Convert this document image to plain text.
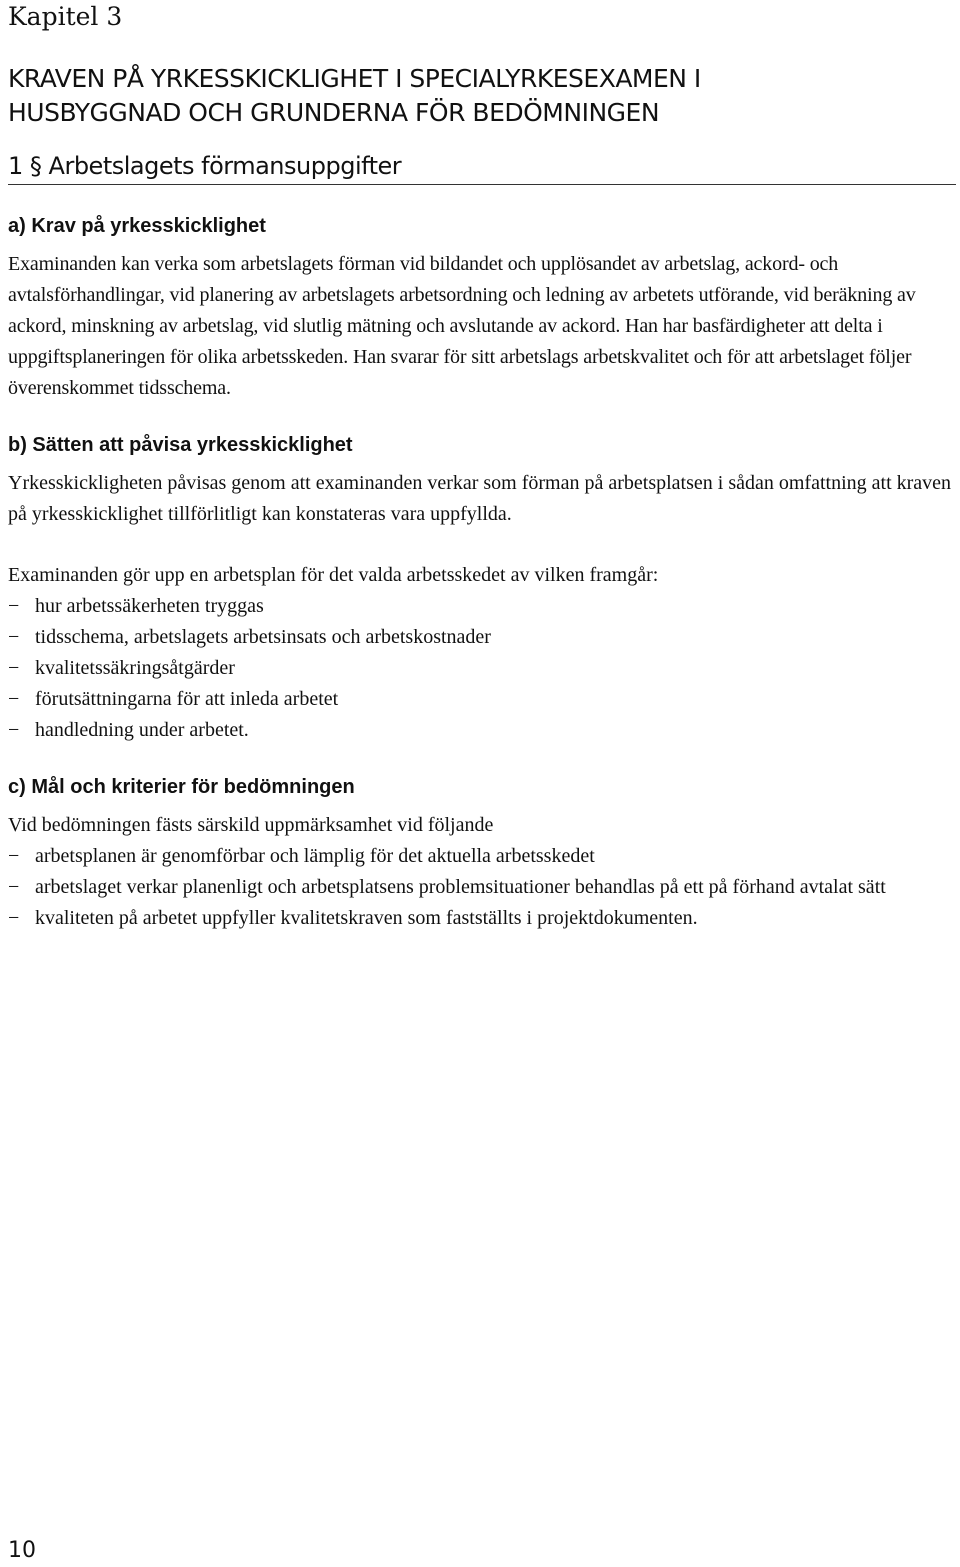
Kapitel 3
KRAVEN PÅ YRKESSKICKLIGHET I SPECIALYRKESEXAMEN I
HUSBYGGNAD OCH GRUNDERNA FÖR BEDÖMNINGEN
1 § Arbetslagets förmansuppgifter
a) Krav på yrkesskicklighet

Examinanden kan verka som arbetslagets förman vid bildandet och upplösandet av arbetslag, ackord- och avtalsförhandlingar, vid planering av arbetslagets arbetsordning och ledning av arbetets utförande, vid beräkning av ackord, minskning av arbetslag, vid slutlig mätning och avslutande av ackord. Han har basfärdigheter att delta i uppgiftsplaneringen för olika arbetsskeden. Han svarar för sitt arbetslags arbetskvalitet och för att arbetslaget följer överenskommet tidsschema.

b) Sätten att påvisa yrkesskicklighet

Yrkesskickligheten påvisas genom att examinanden verkar som förman på arbetsplatsen i sådan omfattning att kraven på yrkesskicklighet tillförlitligt kan konstateras vara uppfyllda.

Examinanden gör upp en arbetsplan för det valda arbetsskedet av vilken framgår:

− hur arbetssäkerheten tryggas
− tidsschema, arbetslagets arbetsinsats och arbetskostnader
− kvalitetssäkringsåtgärder
− förutsättningarna för att inleda arbetet
− handledning under arbetet.
c) Mål och kriterier för bedömningen

Vid bedömningen fästs särskild uppmärksamhet vid följande

− arbetsplanen är genomförbar och lämplig för det aktuella arbetsskedet
− arbetslaget verkar planenligt och arbetsplatsens problemsituationer behandlas på ett på förhand avtalat sätt
− kvaliteten på arbetet uppfyller kvalitetskraven som fastställts i projektdokumenten.
10
